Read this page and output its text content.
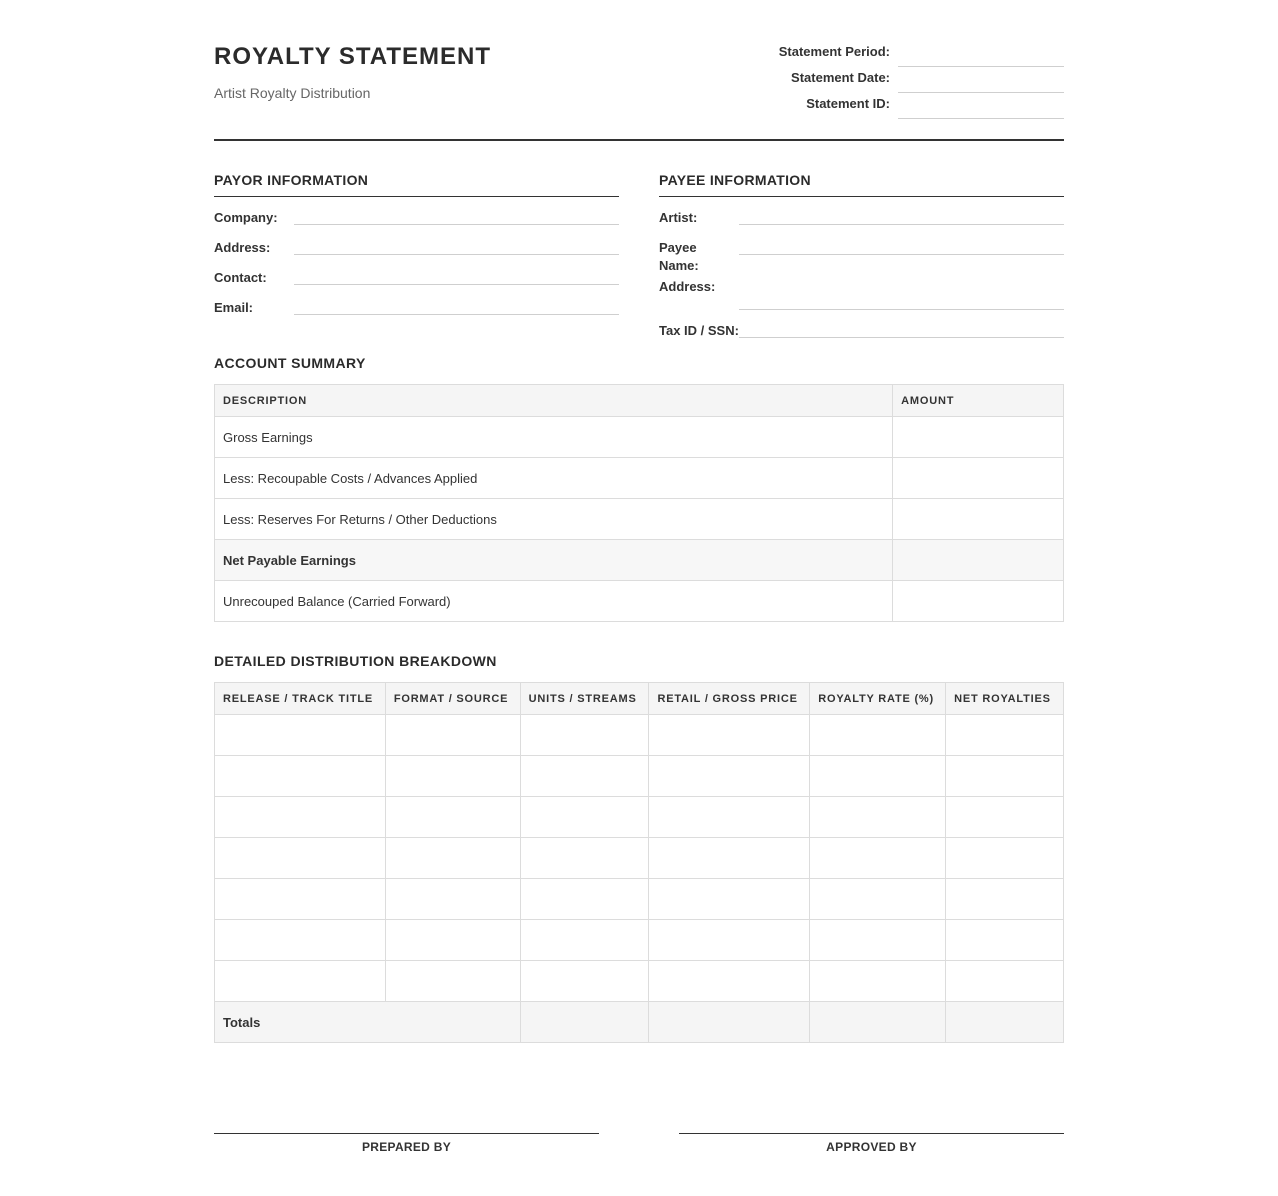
ROYALTY STATEMENT
Artist Royalty Distribution
Statement Period:
Statement Date:
Statement ID:
PAYOR INFORMATION
Company:
Address:
Contact:
Email:
PAYEE INFORMATION
Artist:
Payee Name:
Address:
Tax ID / SSN:
ACCOUNT SUMMARY
DESCRIPTION	AMOUNT
Gross Earnings	
Less: Recoupable Costs / Advances Applied	
Less: Reserves For Returns / Other Deductions	
Net Payable Earnings	
Unrecouped Balance (Carried Forward)	
DETAILED DISTRIBUTION BREAKDOWN
RELEASE / TRACK TITLE	FORMAT / SOURCE	UNITS / STREAMS	RETAIL / GROSS PRICE	ROYALTY RATE (%)	NET ROYALTIES

Totals					
PREPARED BY	APPROVED BY
